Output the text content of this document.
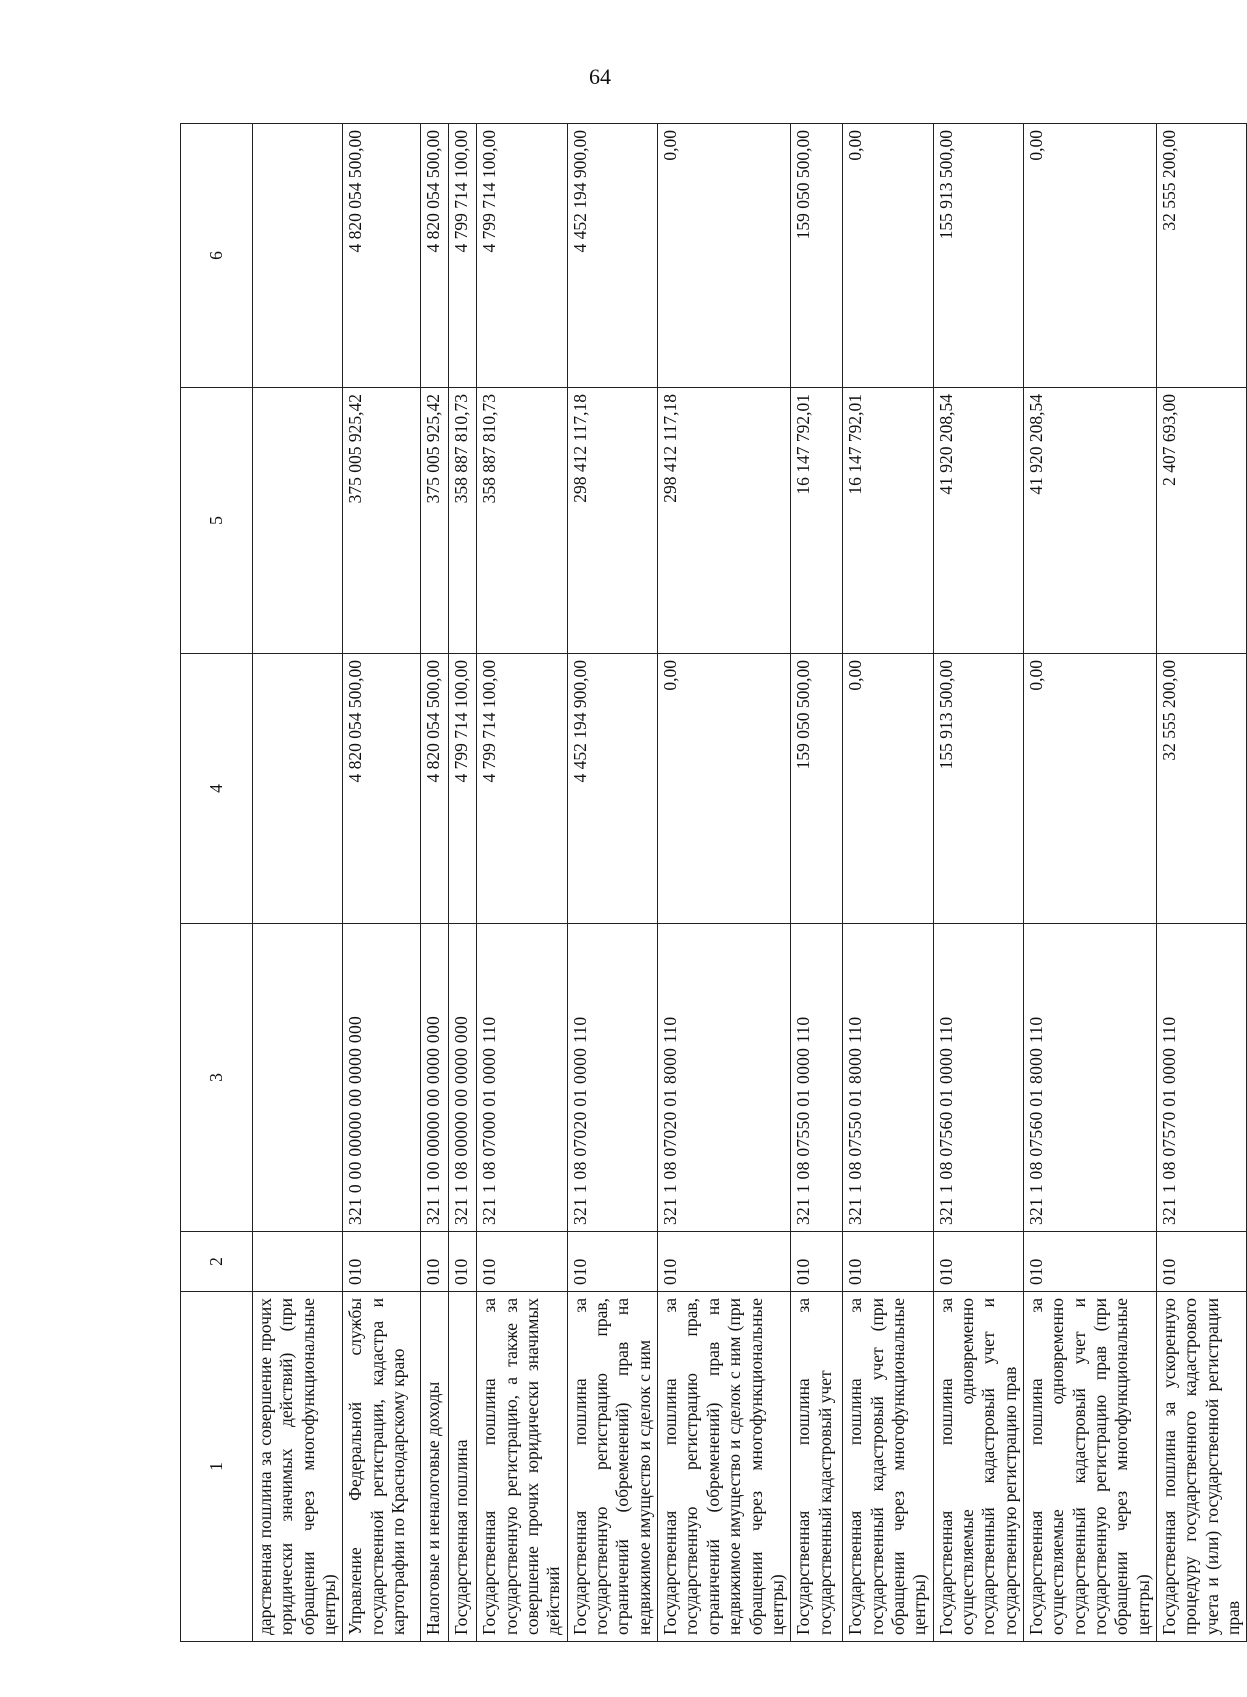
64
1	2	3	4	5	6
дарственная пошлина за совершение прочих юридически значимых действий) (при обращении через многофункциональные центры)					
Управление Федеральной службы государственной регистрации, кадастра и картографии по Краснодарскому краю	010	321 0 00 00000 00 0000 000	4 820 054 500,00	375 005 925,42	4 820 054 500,00
Налоговые и неналоговые доходы	010	321 1 00 00000 00 0000 000	4 820 054 500,00	375 005 925,42	4 820 054 500,00
Государственная пошлина	010	321 1 08 00000 00 0000 000	4 799 714 100,00	358 887 810,73	4 799 714 100,00
Государственная пошлина за государственную регистрацию, а также за совершение прочих юридически значимых действий	010	321 1 08 07000 01 0000 110	4 799 714 100,00	358 887 810,73	4 799 714 100,00
Государственная пошлина за государственную регистрацию прав, ограничений (обременений) прав на недвижимое имущество и сделок с ним	010	321 1 08 07020 01 0000 110	4 452 194 900,00	298 412 117,18	4 452 194 900,00
Государственная пошлина за государственную регистрацию прав, ограничений (обременений) прав на недвижимое имущество и сделок с ним (при обращении через многофункциональные центры)	010	321 1 08 07020 01 8000 110	0,00	298 412 117,18	0,00
Государственная пошлина за государственный кадастровый учет	010	321 1 08 07550 01 0000 110	159 050 500,00	16 147 792,01	159 050 500,00
Государственная пошлина за государственный кадастровый учет (при обращении через многофункциональные центры)	010	321 1 08 07550 01 8000 110	0,00	16 147 792,01	0,00
Государственная пошлина за осуществляемые одновременно государственный кадастровый учет и государственную регистрацию прав	010	321 1 08 07560 01 0000 110	155 913 500,00	41 920 208,54	155 913 500,00
Государственная пошлина за осуществляемые одновременно государственный кадастровый учет и государственную регистрацию прав (при обращении через многофункциональные центры)	010	321 1 08 07560 01 8000 110	0,00	41 920 208,54	0,00
Государственная пошлина за ускоренную процедуру государственного кадастрового учета и (или) государственной регистрации прав	010	321 1 08 07570 01 0000 110	32 555 200,00	2 407 693,00	32 555 200,00
